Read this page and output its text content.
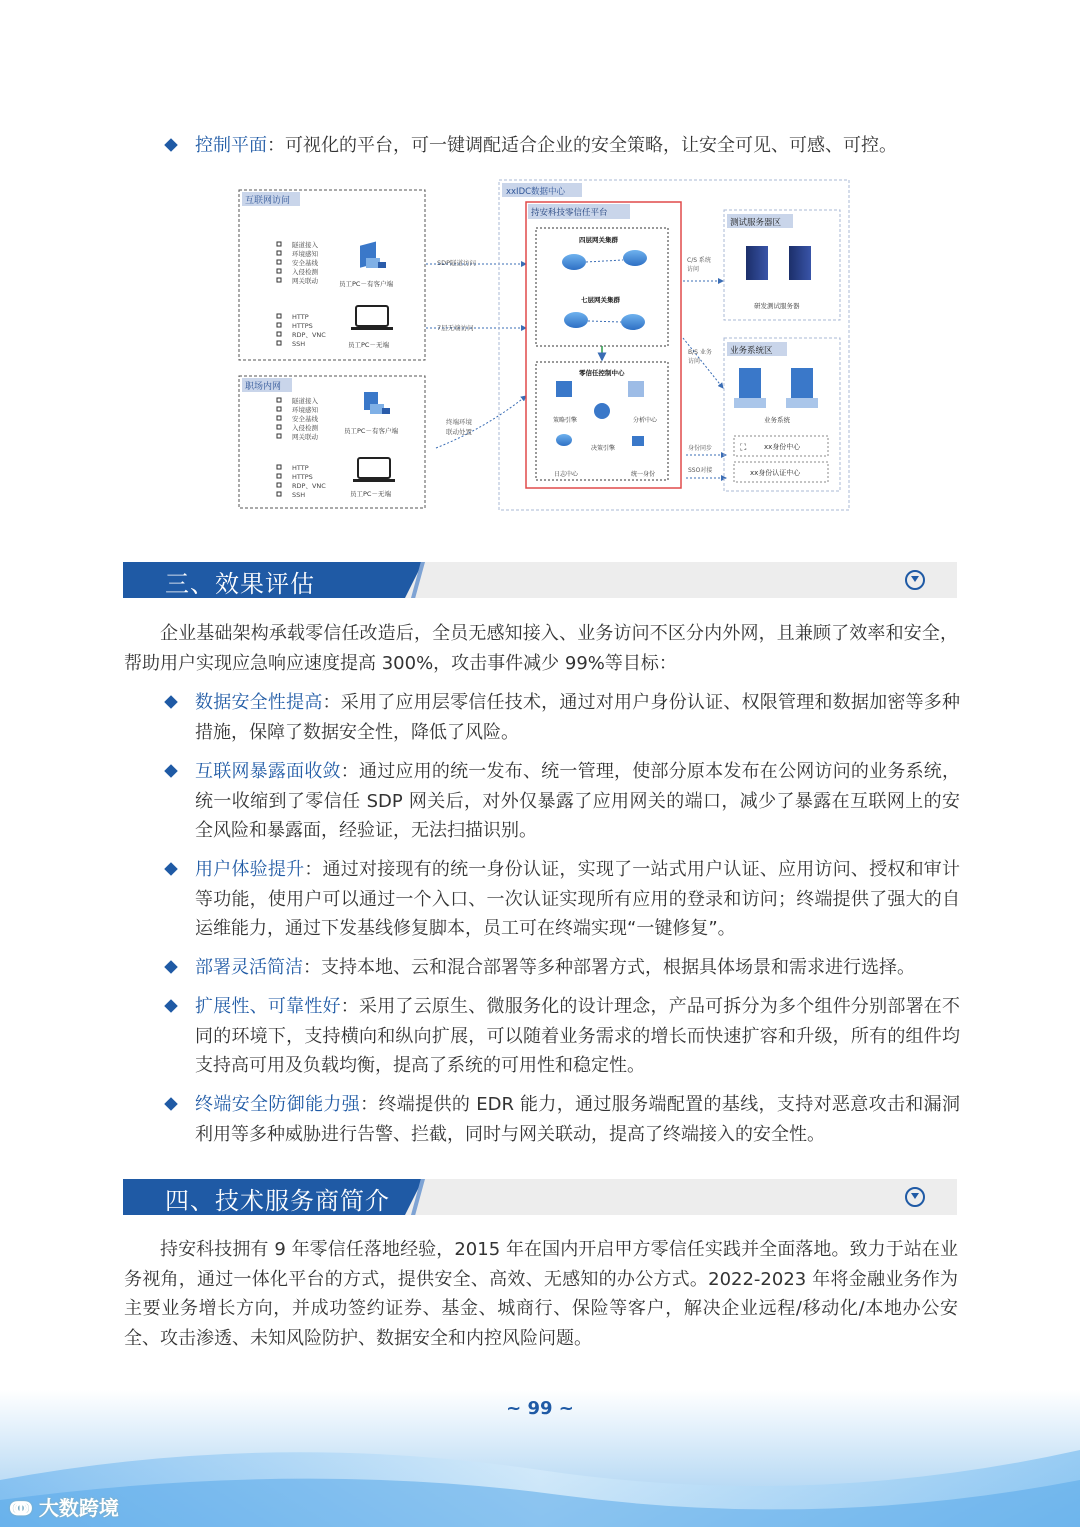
控制平面：可视化的平台，可一键调配适合企业的安全策略，让安全可见、可感、可控。
互联网访问
职场内网
隧道接入
环境感知
安全基线
入侵检测
网关联动
HTTP
HTTPS
RDP、VNC
SSH
隧道接入
环境感知
安全基线
入侵检测
网关联动
HTTP
HTTPS
RDP、VNC
SSH
员工PC－有客户端
员工PC－无端
员工PC－有客户端
员工PC－无端
SDP隧道访问
7层无端访问
终端环境
联动处置
xxIDC数据中心
持安科技零信任平台
四层网关集群
七层网关集群
零信任控制中心
策略引擎	分析中心
决策引擎
日志中心	统一身份
C/S 系统
访问
B/S 业务
访问
身份同步
SSO对接
测试服务器区
研发测试服务器
业务系统区
业务系统
⛶	xx身份中心
xx身份认证中心
三、效果评估
企业基础架构承载零信任改造后，全员无感知接入、业务访问不区分内外网，且兼顾了效率和安全，帮助用户实现应急响应速度提高 300%，攻击事件减少 99%等目标：
数据安全性提高：采用了应用层零信任技术，通过对用户身份认证、权限管理和数据加密等多种措施，保障了数据安全性，降低了风险。
互联网暴露面收敛：通过应用的统一发布、统一管理，使部分原本发布在公网访问的业务系统，统一收缩到了零信任 SDP 网关后，对外仅暴露了应用网关的端口，减少了暴露在互联网上的安全风险和暴露面，经验证，无法扫描识别。
用户体验提升：通过对接现有的统一身份认证，实现了一站式用户认证、应用访问、授权和审计等功能，使用户可以通过一个入口、一次认证实现所有应用的登录和访问；终端提供了强大的自运维能力，通过下发基线修复脚本，员工可在终端实现“一键修复”。
部署灵活简洁：支持本地、云和混合部署等多种部署方式，根据具体场景和需求进行选择。
扩展性、可靠性好：采用了云原生、微服务化的设计理念，产品可拆分为多个组件分别部署在不同的环境下，支持横向和纵向扩展，可以随着业务需求的增长而快速扩容和升级，所有的组件均支持高可用及负载均衡，提高了系统的可用性和稳定性。
终端安全防御能力强：终端提供的 EDR 能力，通过服务端配置的基线，支持对恶意攻击和漏洞利用等多种威胁进行告警、拦截，同时与网关联动，提高了终端接入的安全性。
四、技术服务商简介
持安科技拥有 9 年零信任落地经验，2015 年在国内开启甲方零信任实践并全面落地。致力于站在业务视角，通过一体化平台的方式，提供安全、高效、无感知的办公方式。2022-2023 年将金融业务作为主要业务增长方向，并成功签约证券、基金、城商行、保险等客户，解决企业远程/移动化/本地办公安全、攻击渗透、未知风险防护、数据安全和内控风险问题。
~ 99 ~
ↈ 大数跨境
